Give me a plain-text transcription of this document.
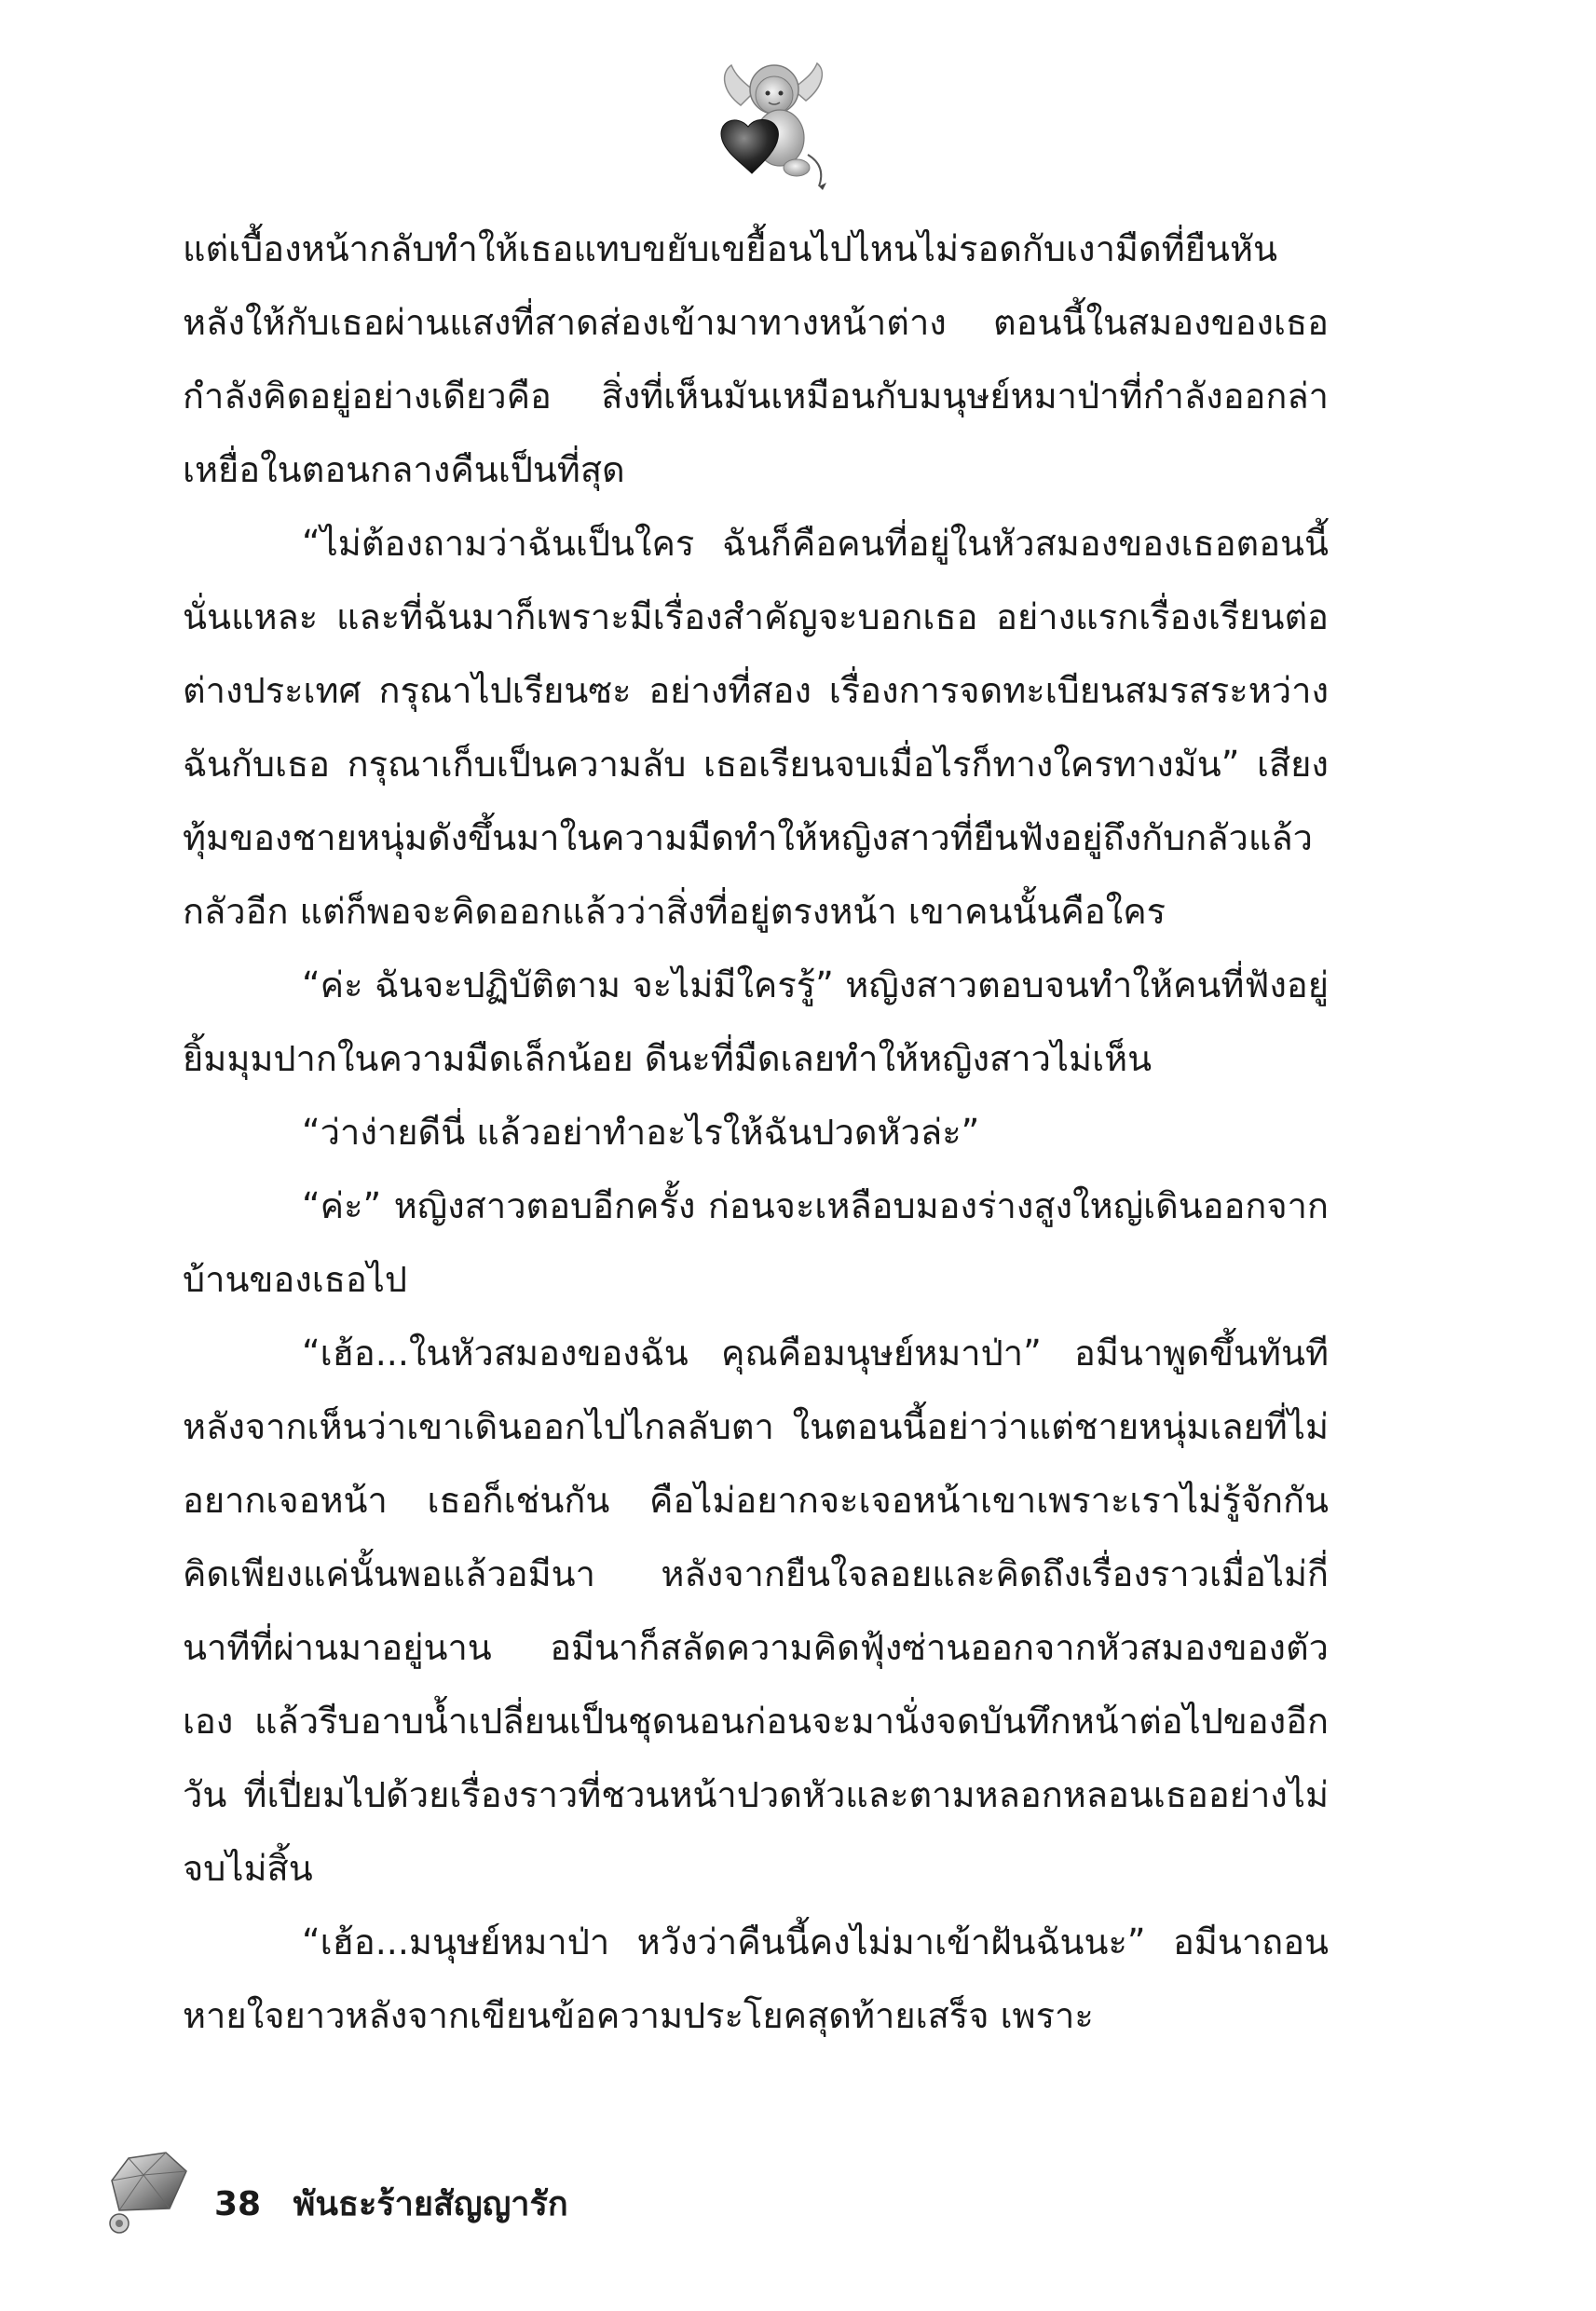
แต่เบื้องหน้ากลับทำให้เธอแทบขยับเขยื้อนไปไหนไม่รอดกับเงามืดที่ยืนหันหลังให้กับเธอผ่านแสงที่สาดส่องเข้ามาทางหน้าต่าง ตอนนี้ในสมองของเธอกำลังคิดอยู่อย่างเดียวคือ สิ่งที่เห็นมันเหมือนกับมนุษย์หมาป่าที่กำลังออกล่าเหยื่อในตอนกลางคืนเป็นที่สุด

“ไม่ต้องถามว่าฉันเป็นใคร ฉันก็คือคนที่อยู่ในหัวสมองของเธอตอนนี้นั่นแหละ และที่ฉันมาก็เพราะมีเรื่องสำคัญจะบอกเธอ อย่างแรกเรื่องเรียนต่อต่างประเทศ กรุณาไปเรียนซะ อย่างที่สอง เรื่องการจดทะเบียนสมรสระหว่างฉันกับเธอ กรุณาเก็บเป็นความลับ เธอเรียนจบเมื่อไรก็ทางใครทางมัน” เสียงทุ้มของชายหนุ่มดังขึ้นมาในความมืดทำให้หญิงสาวที่ยืนฟังอยู่ถึงกับกลัวแล้วกลัวอีก แต่ก็พอจะคิดออกแล้วว่าสิ่งที่อยู่ตรงหน้า เขาคนนั้นคือใคร

“ค่ะ ฉันจะปฏิบัติตาม จะไม่มีใครรู้” หญิงสาวตอบจนทำให้คนที่ฟังอยู่ยิ้มมุมปากในความมืดเล็กน้อย ดีนะที่มืดเลยทำให้หญิงสาวไม่เห็น

“ว่าง่ายดีนี่ แล้วอย่าทำอะไรให้ฉันปวดหัวล่ะ”

“ค่ะ” หญิงสาวตอบอีกครั้ง ก่อนจะเหลือบมองร่างสูงใหญ่เดินออกจากบ้านของเธอไป

“เฮ้อ...ในหัวสมองของฉัน คุณคือมนุษย์หมาป่า” อมีนาพูดขึ้นทันทีหลังจากเห็นว่าเขาเดินออกไปไกลลับตา ในตอนนี้อย่าว่าแต่ชายหนุ่มเลยที่ไม่อยากเจอหน้า เธอก็เช่นกัน คือไม่อยากจะเจอหน้าเขาเพราะเราไม่รู้จักกัน คิดเพียงแค่นั้นพอแล้วอมีนา หลังจากยืนใจลอยและคิดถึงเรื่องราวเมื่อไม่กี่นาทีที่ผ่านมาอยู่นาน อมีนาก็สลัดความคิดฟุ้งซ่านออกจากหัวสมองของตัวเอง แล้วรีบอาบน้ำเปลี่ยนเป็นชุดนอนก่อนจะมานั่งจดบันทึกหน้าต่อไปของอีกวัน ที่เปี่ยมไปด้วยเรื่องราวที่ชวนหน้าปวดหัวและตามหลอกหลอนเธออย่างไม่จบไม่สิ้น

“เฮ้อ...มนุษย์หมาป่า หวังว่าคืนนี้คงไม่มาเข้าฝันฉันนะ” อมีนาถอนหายใจยาวหลังจากเขียนข้อความประโยคสุดท้ายเสร็จ เพราะ

38 พันธะร้ายสัญญารัก
